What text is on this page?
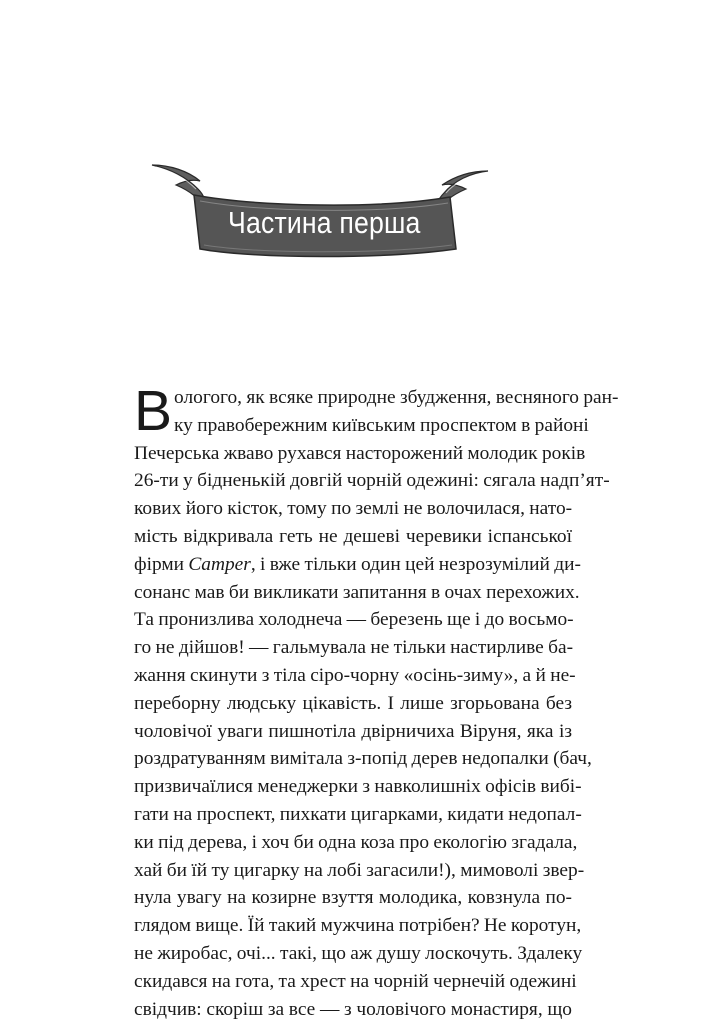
Частина перша
В ологого, як всяке природне збудження, весняного ран-
ку правобережним київським проспектом в районі
Печерська жваво рухався насторожений молодик років
26-ти у бідненькій довгій чорній одежині: сягала надп’ят-
кових його кісток, тому по землі не волочилася, нато-
мість відкривала геть не дешеві черевики іспанської
фірми Camper, і вже тільки один цей незрозумілий ди-
сонанс мав би викликати запитання в очах перехожих.
Та пронизлива холоднеча — березень ще і до восьмо-
го не дійшов! — гальмувала не тільки настирливе ба-
жання скинути з тіла сіро-чорну «осінь-зиму», а й не-
переборну людську цікавість. І лише згорьована без
чоловічої уваги пишнотіла двірничиха Віруня, яка із
роздратуванням вимітала з-попід дерев недопалки (бач,
призвичаїлися менеджерки з навколишніх офісів вибі-
гати на проспект, пихкати цигарками, кидати недопал-
ки під дерева, і хоч би одна коза про екологію згадала,
хай би їй ту цигарку на лобі загасили!), мимоволі звер-
нула увагу на козирне взуття молодика, ковзнула по-
глядом вище. Їй такий мужчина потрібен? Не коротун,
не жиробас, очі... такі, що аж душу лоскочуть. Здалеку
скидався на гота, та хрест на чорній чернечій одежині
свідчив: скоріш за все — з чоловічого монастиря, що
